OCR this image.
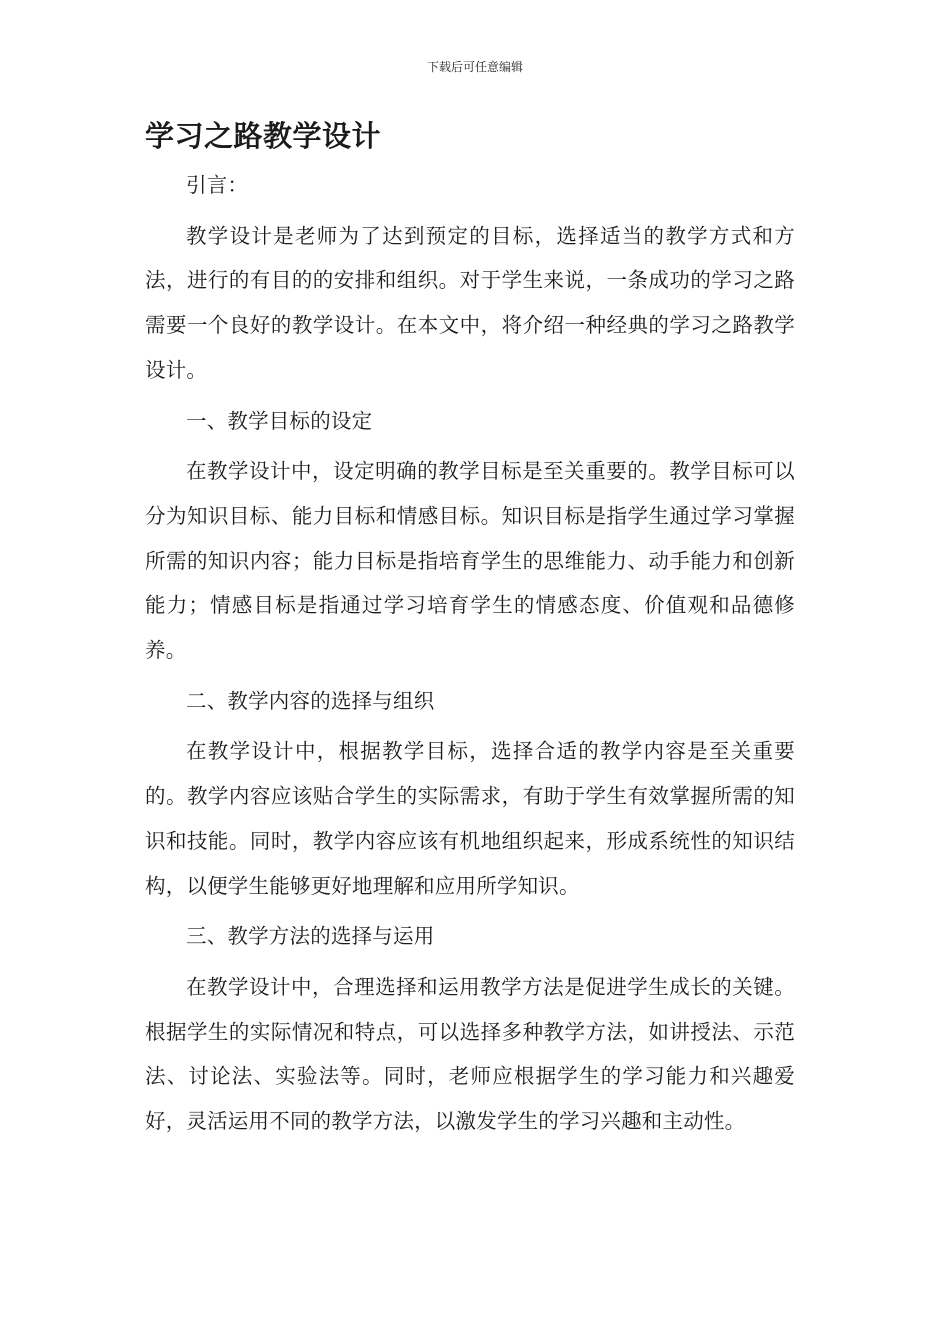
下载后可任意编辑
学习之路教学设计

引言：

教学设计是老师为了达到预定的目标，选择适当的教学方式和方法，进行的有目的的安排和组织。对于学生来说，一条成功的学习之路需要一个良好的教学设计。在本文中，将介绍一种经典的学习之路教学设计。

一、教学目标的设定

在教学设计中，设定明确的教学目标是至关重要的。教学目标可以分为知识目标、能力目标和情感目标。知识目标是指学生通过学习掌握所需的知识内容；能力目标是指培育学生的思维能力、动手能力和创新能力；情感目标是指通过学习培育学生的情感态度、价值观和品德修养。

二、教学内容的选择与组织

在教学设计中，根据教学目标，选择合适的教学内容是至关重要的。教学内容应该贴合学生的实际需求，有助于学生有效掌握所需的知识和技能。同时，教学内容应该有机地组织起来，形成系统性的知识结构，以便学生能够更好地理解和应用所学知识。

三、教学方法的选择与运用

在教学设计中，合理选择和运用教学方法是促进学生成长的关键。根据学生的实际情况和特点，可以选择多种教学方法，如讲授法、示范法、讨论法、实验法等。同时，老师应根据学生的学习能力和兴趣爱好，灵活运用不同的教学方法，以激发学生的学习兴趣和主动性。
